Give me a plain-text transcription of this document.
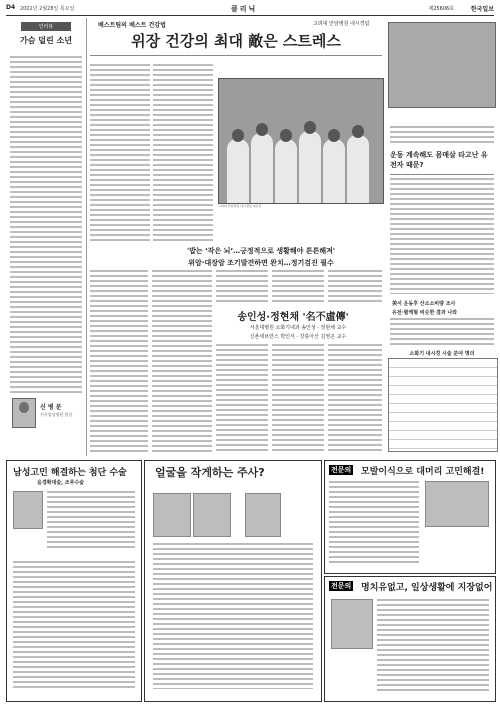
D4 2002년 2월28일 목요일	클리닉	제25606호	한국일보
인터뷰
가슴 덜린 소년
신 병 문
신사임당병원 원장
베스트팀의 베스트 건강법	고려대 안암병원 내시경팀
위장 건강의 최대 敵은 스트레스
고려대 안암병원 내시경팀 의료진
'밥는 ‘작은 뇌’…긍정적으로 생활해야 튼튼해져'
위암·대장암 조기발견하면 완치…정기검진 필수
송인성·정현채 '名不虛傳'
서울대병원 소화기내과 송인성 · 정현채 교수
신촌세브란스 박인서 · 강릉아산 김영곤 교수
운동 계속해도 몸매살 타고난 유전자 때문?
美서 운동후 산소소비량 조사
유전·혈액형 비슷한 결과 나와
소화기 내시경 시술 분야 명의
남성고민 해결하는 첨단 수술
음경확대술, 조루수술
얼굴을 작게하는 주사?	전문의 모발이식으로 대머리 고민해결!
전문의 명치유없고, 일상생활에 지장없어
